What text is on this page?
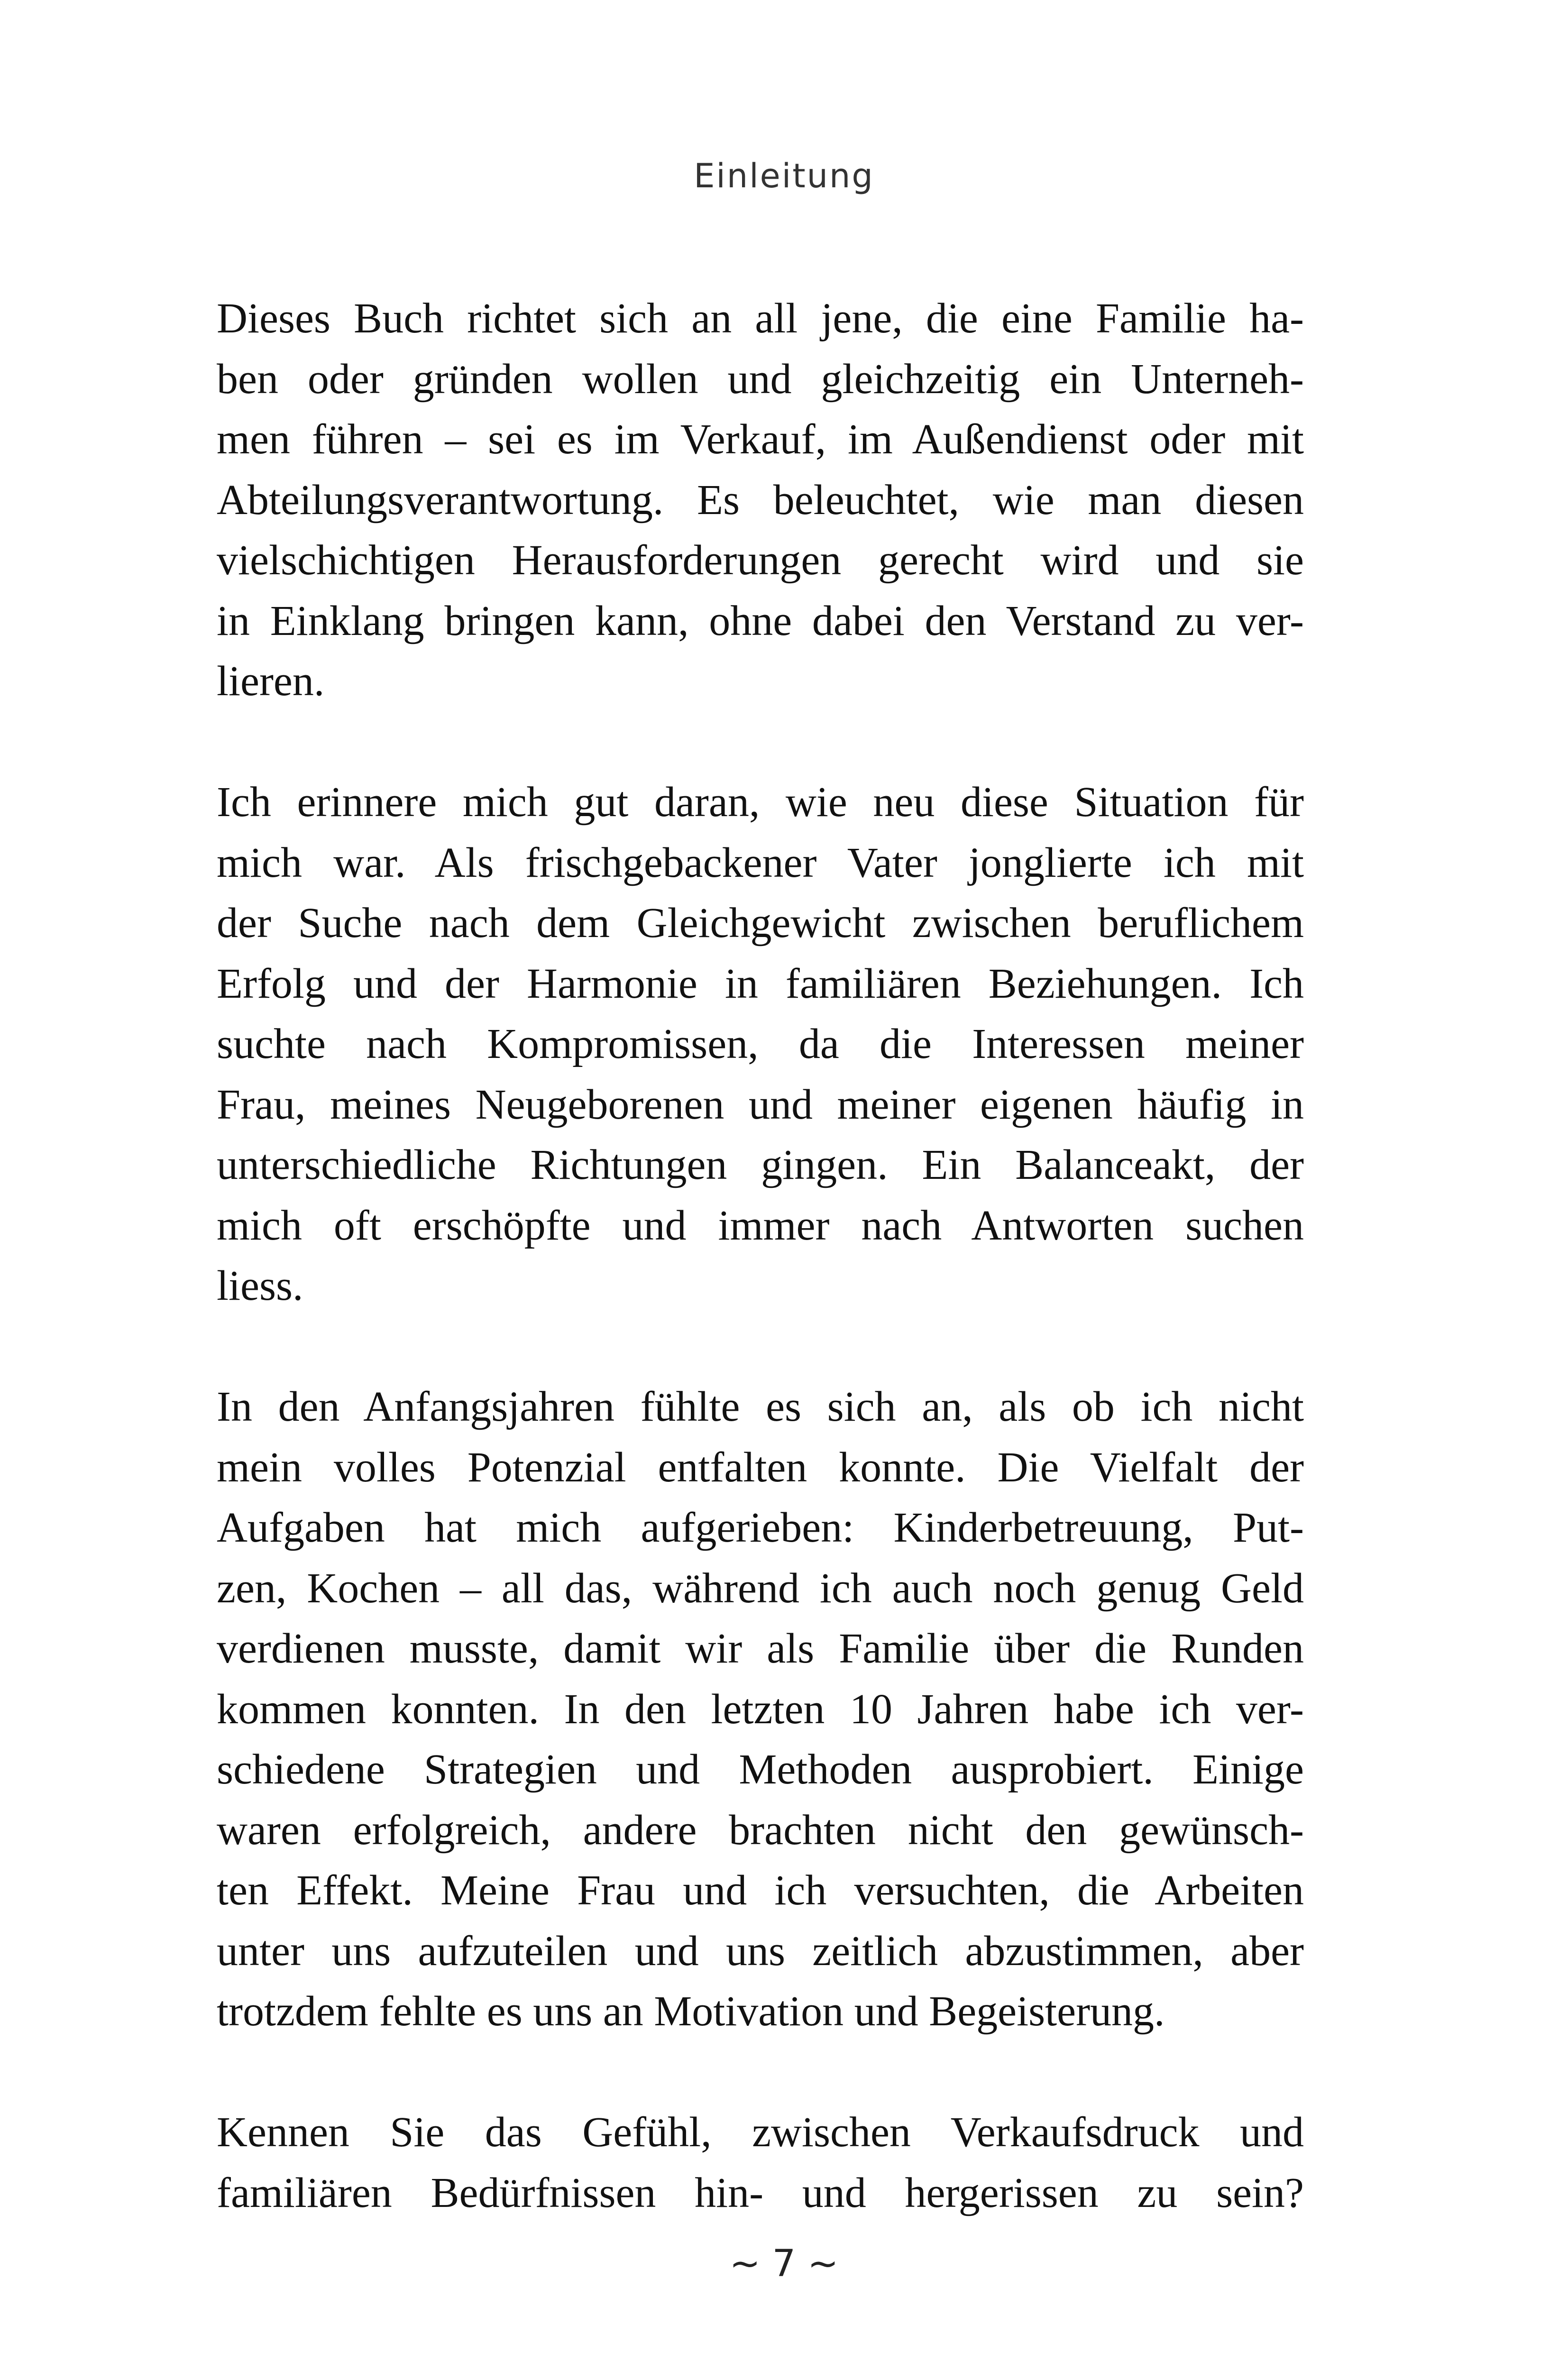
Einleitung
Dieses Buch richtet sich an all jene, die eine Familie ha-
ben oder gründen wollen und gleichzeitig ein Unterneh-
men führen – sei es im Verkauf, im Außendienst oder mit
Abteilungsverantwortung. Es beleuchtet, wie man diesen
vielschichtigen Herausforderungen gerecht wird und sie
in Einklang bringen kann, ohne dabei den Verstand zu ver-
lieren.
Ich erinnere mich gut daran, wie neu diese Situation für
mich war. Als frischgebackener Vater jonglierte ich mit
der Suche nach dem Gleichgewicht zwischen beruflichem
Erfolg und der Harmonie in familiären Beziehungen. Ich
suchte nach Kompromissen, da die Interessen meiner
Frau, meines Neugeborenen und meiner eigenen häufig in
unterschiedliche Richtungen gingen. Ein Balanceakt, der
mich oft erschöpfte und immer nach Antworten suchen
liess.
In den Anfangsjahren fühlte es sich an, als ob ich nicht
mein volles Potenzial entfalten konnte. Die Vielfalt der
Aufgaben hat mich aufgerieben: Kinderbetreuung, Put-
zen, Kochen – all das, während ich auch noch genug Geld
verdienen musste, damit wir als Familie über die Runden
kommen konnten. In den letzten 10 Jahren habe ich ver-
schiedene Strategien und Methoden ausprobiert. Einige
waren erfolgreich, andere brachten nicht den gewünsch-
ten Effekt. Meine Frau und ich versuchten, die Arbeiten
unter uns aufzuteilen und uns zeitlich abzustimmen, aber
trotzdem fehlte es uns an Motivation und Begeisterung.
Kennen Sie das Gefühl, zwischen Verkaufsdruck und
familiären Bedürfnissen hin- und hergerissen zu sein?
~ 7 ~
